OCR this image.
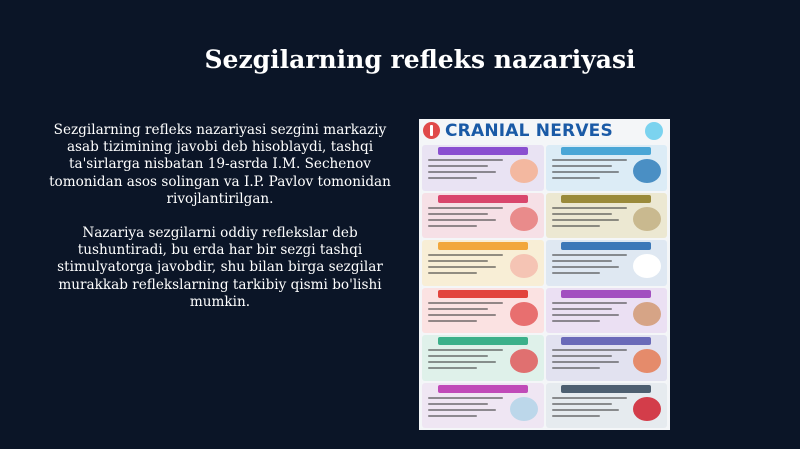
Sezgilarning refleks nazariyasi

Sezgilarning refleks nazariyasi sezgini markaziy asab tizimining javobi deb hisoblaydi, tashqi ta'sirlarga nisbatan 19-asrda I.M. Sechenov tomonidan asos solingan va I.P. Pavlov tomonidan rivojlantirilgan.

Nazariya sezgilarni oddiy reflekslar deb tushuntiradi, bu erda har bir sezgi tashqi stimulyatorga javobdir, shu bilan birga sezgilar murakkab reflekslarning tarkibiy qismi bo'lishi mumkin.

CRANIAL NERVES
